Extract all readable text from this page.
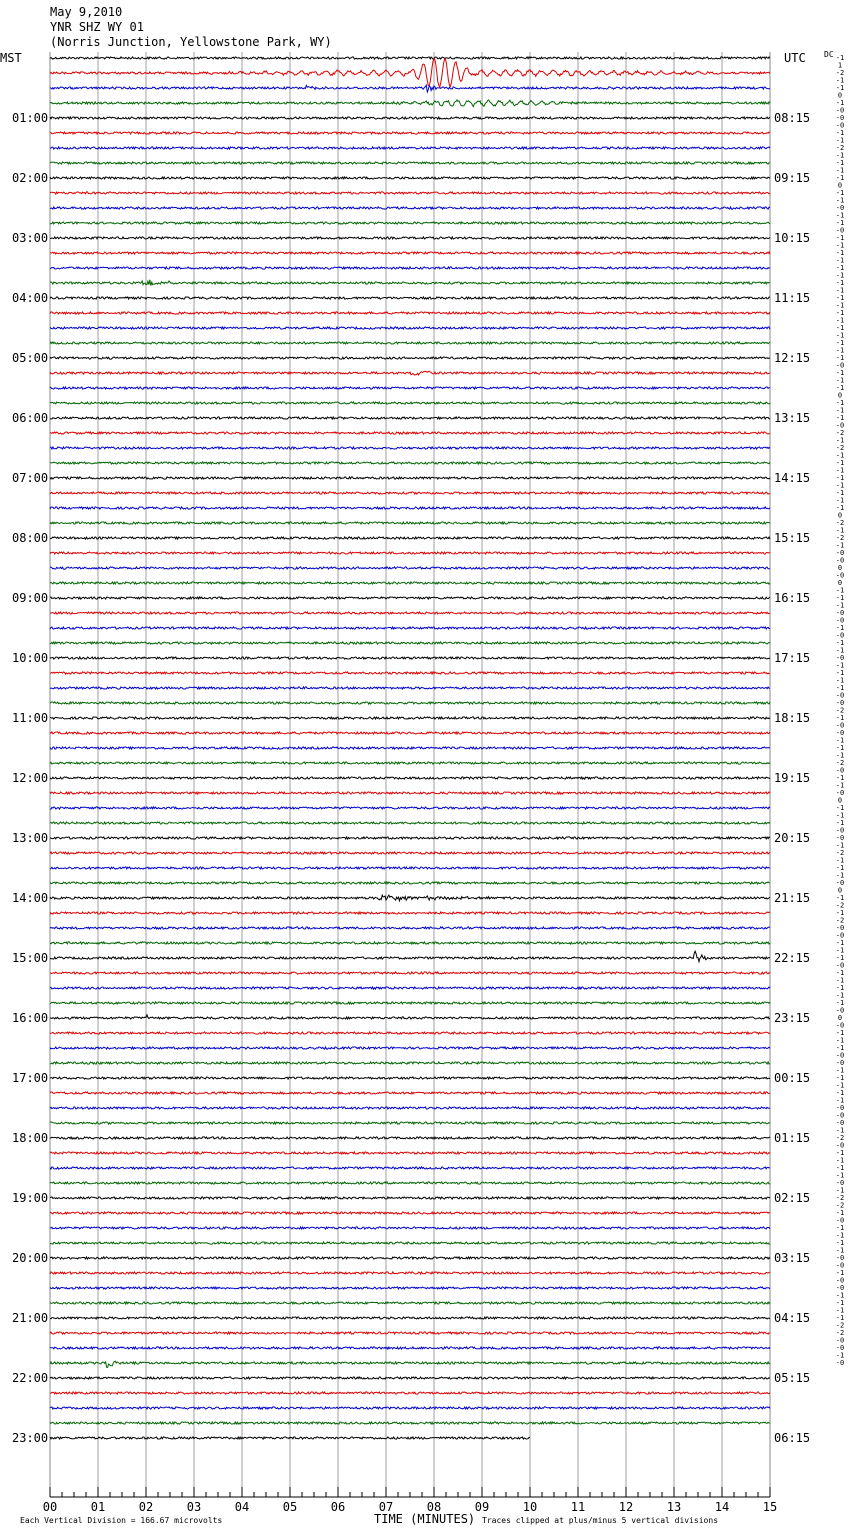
May 9,2010
YNR SHZ WY 01
(Norris Junction, Yellowstone Park, WY)
MST	UTC DC
01:00
02:00
03:00
04:00
05:00
06:00
07:00
08:00
09:00
10:00
11:00
12:00
13:00
14:00
15:00
16:00
17:00
18:00
19:00
20:00
21:00
22:00
23:00
08:15
09:15
10:15
11:15
12:15
13:15
14:15
15:15
16:15
17:15
18:15
19:15
20:15
21:15
22:15
23:15
00:15
01:15
02:15
03:15
04:15
05:15
06:15
-1
1
-2
-1
-1
0
-1
-0
-0
-0
-1
-1
-2
-1
-1
-1
-1
0
-1
-1
-0
-1
-1
-0
-1
-1
-1
-1
-1
-1
-1
-1
-1
-1
-1
-1
-1
-1
-1
-1
-1
-0
-1
-1
-1
0
-1
-1
-1
-0
-2
-1
-2
-1
-1
-1
-1
-1
-1
-1
-1
0
-2
-1
-2
-1
-0
-0
0
-0
0
-1
-1
-1
-0
-0
-1
-0
-1
-1
-0
-1
-1
-1
-1
-0
-0
-2
-1
-0
-0
-1
-1
-1
-2
-0
-1
-1
-0
0
-1
-1
-1
-0
-0
-1
-2
-1
-1
-1
-0
0
-1
-2
-1
-2
-0
-0
-1
-1
-1
-0
-1
-1
-1
-1
-1
-0
0
-0
-1
-1
-1
-0
-0
-1
-1
-1
-1
-1
-0
-0
-0
-1
-2
-0
-1
-1
-1
-1
-0
-1
-2
-2
-1
-0
-1
-1
-1
-1
-0
-0
-1
-0
-0
-1
-1
-1
-1
-2
-2
-0
-0
-1
-0
00	01	02	03	04	05	06	07	08	09	10	11	12	13	14	15
Each Vertical Division = 166.67 microvolts	TIME (MINUTES) Traces clipped at plus/minus 5 vertical divisions
